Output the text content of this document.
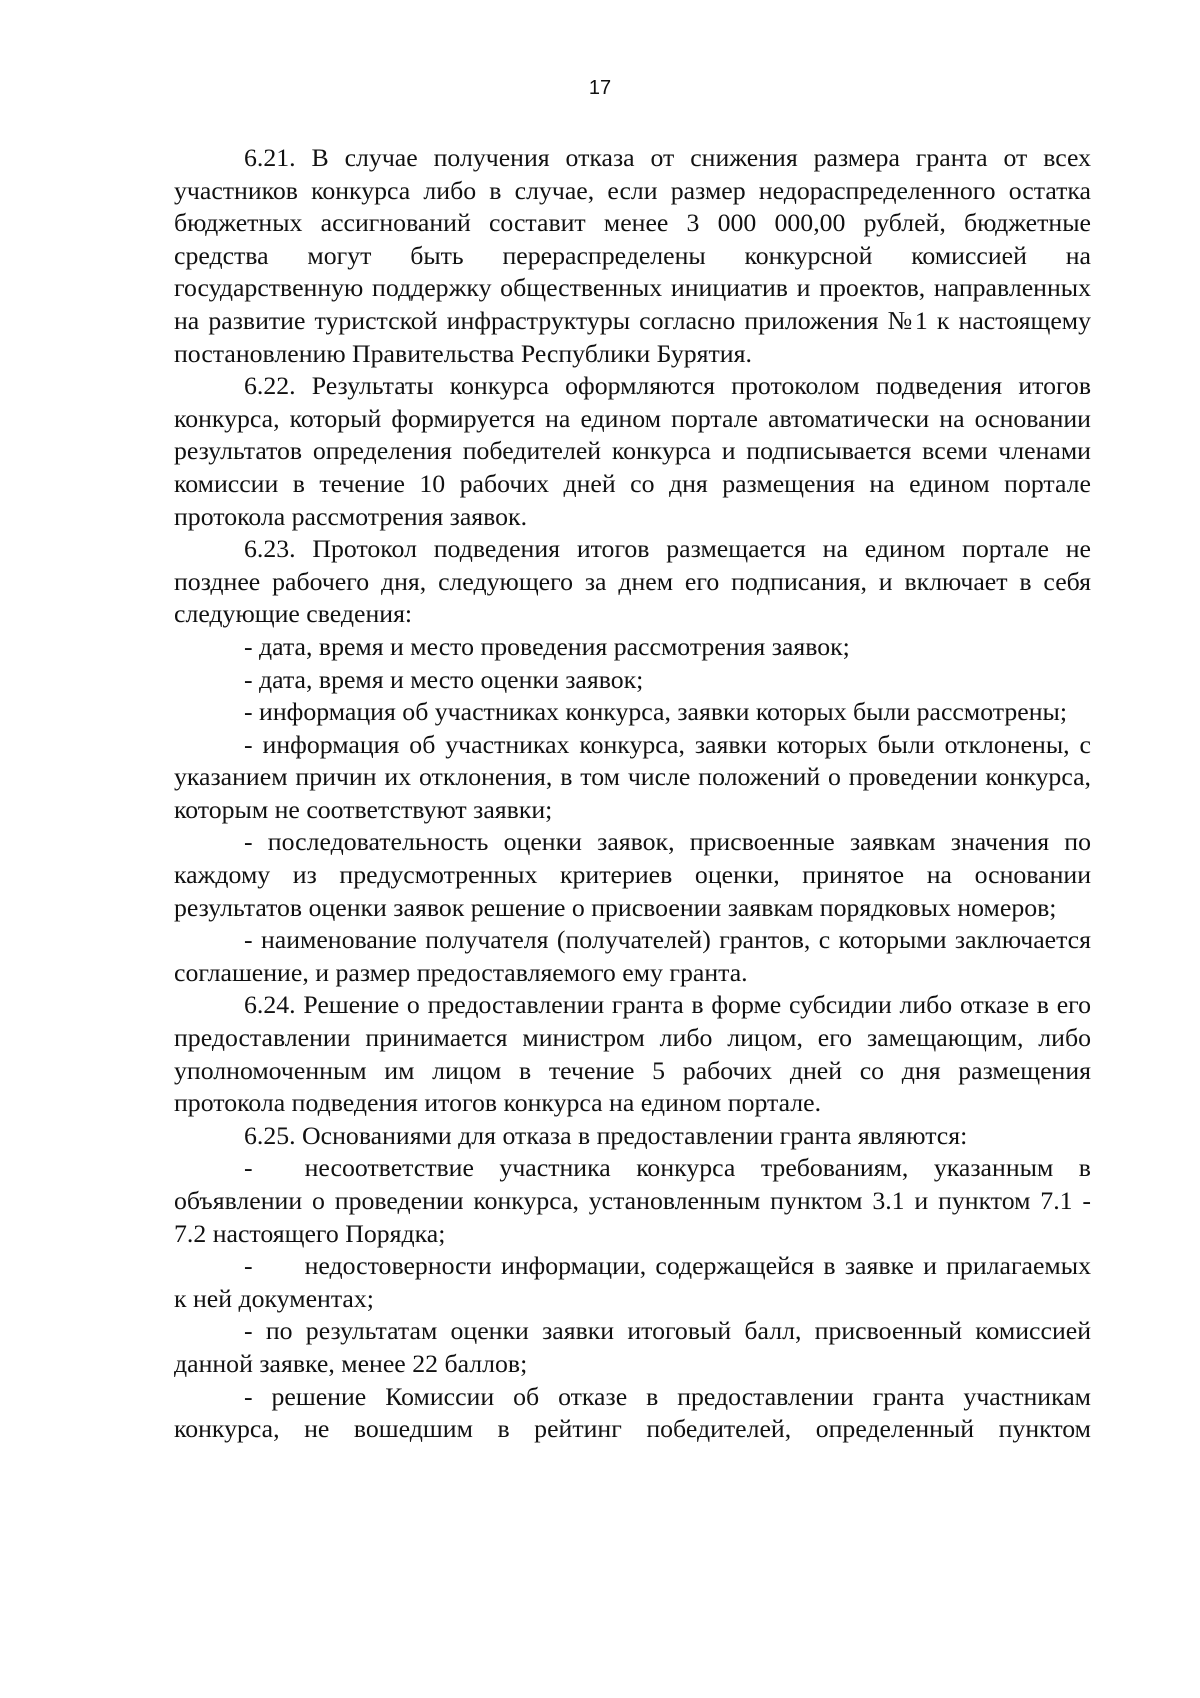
17

6.21. В случае получения отказа от снижения размера гранта от всех участников конкурса либо в случае, если размер недораспределенного остатка бюджетных ассигнований составит менее 3 000 000,00 рублей, бюджетные средства могут быть перераспределены конкурсной комиссией на государственную поддержку общественных инициатив и проектов, направленных на развитие туристской инфраструктуры согласно приложения №1 к настоящему постановлению Правительства Республики Бурятия.

6.22. Результаты конкурса оформляются протоколом подведения итогов конкурса, который формируется на едином портале автоматически на основании результатов определения победителей конкурса и подписывается всеми членами комиссии в течение 10 рабочих дней со дня размещения на едином портале протокола рассмотрения заявок.

6.23. Протокол подведения итогов размещается на едином портале не позднее рабочего дня, следующего за днем его подписания, и включает в себя следующие сведения:

- дата, время и место проведения рассмотрения заявок;

- дата, время и место оценки заявок;

- информация об участниках конкурса, заявки которых были рассмотрены;

- информация об участниках конкурса, заявки которых были отклонены, с указанием причин их отклонения, в том числе положений о проведении конкурса, которым не соответствуют заявки;

- последовательность оценки заявок, присвоенные заявкам значения по каждому из предусмотренных критериев оценки, принятое на основании результатов оценки заявок решение о присвоении заявкам порядковых номеров;

- наименование получателя (получателей) грантов, с которыми заключается соглашение, и размер предоставляемого ему гранта.

6.24. Решение о предоставлении гранта в форме субсидии либо отказе в его предоставлении принимается министром либо лицом, его замещающим, либо уполномоченным им лицом в течение 5 рабочих дней со дня размещения протокола подведения итогов конкурса на едином портале.

6.25. Основаниями для отказа в предоставлении гранта являются:

- несоответствие участника конкурса требованиям, указанным в объявлении о проведении конкурса, установленным пунктом 3.1 и пунктом 7.1 - 7.2 настоящего Порядка;

- недостоверности информации, содержащейся в заявке и прилагаемых к ней документах;

- по результатам оценки заявки итоговый балл, присвоенный комиссией данной заявке, менее 22 баллов;

- решение Комиссии об отказе в предоставлении гранта участникам конкурса, не вошедшим в рейтинг победителей, определенный пунктом
